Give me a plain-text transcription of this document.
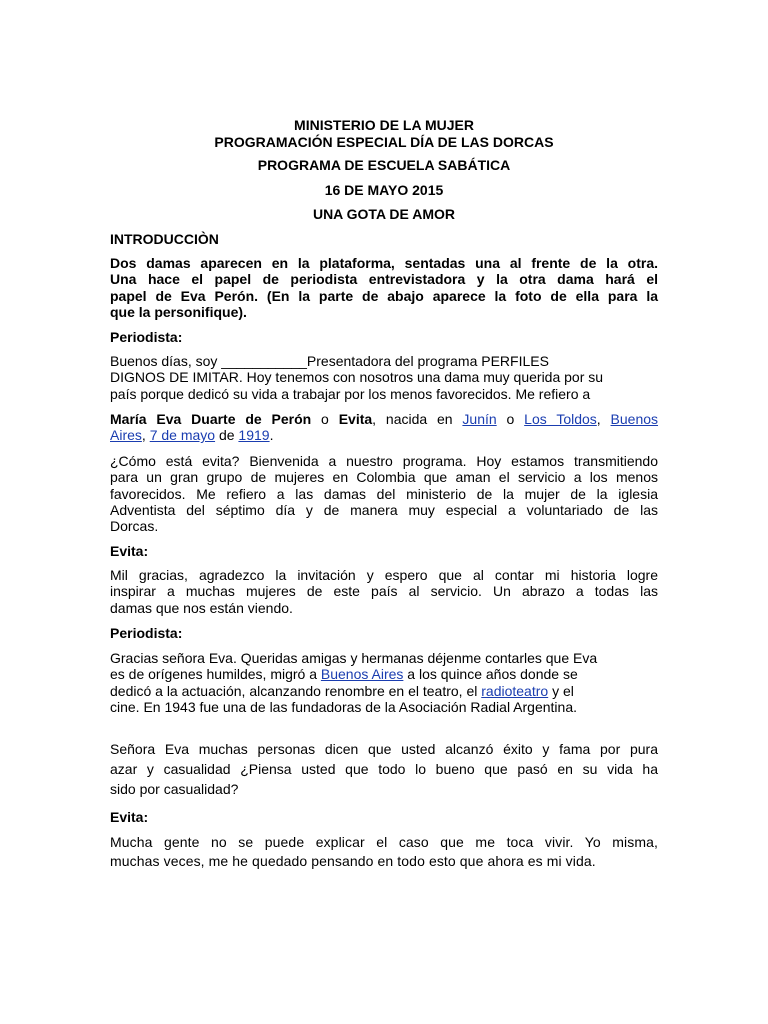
MINISTERIO DE LA MUJER
PROGRAMACIÓN ESPECIAL DÍA DE LAS DORCAS
PROGRAMA DE ESCUELA SABÁTICA
16 DE MAYO 2015
UNA GOTA DE AMOR
INTRODUCCIÒN
Dos damas aparecen en la plataforma, sentadas una al frente de la otra.
Una hace el papel de periodista entrevistadora y la otra dama hará el
papel de Eva Perón. (En la parte de abajo aparece la foto de ella para la
que la personifique).
Periodista:
Buenos días, soy ___________Presentadora del programa PERFILES
DIGNOS DE IMITAR. Hoy tenemos con nosotros una dama muy querida por su
país porque dedicó su vida a trabajar por los menos favorecidos. Me refiero a
María Eva Duarte de Perón o Evita, nacida en Junín o Los Toldos, Buenos
Aires, 7 de mayo de 1919.
¿Cómo está evita? Bienvenida a nuestro programa. Hoy estamos transmitiendo
para un gran grupo de mujeres en Colombia que aman el servicio a los menos
favorecidos. Me refiero a las damas del ministerio de la mujer de la iglesia
Adventista del séptimo día y de manera muy especial a voluntariado de las
Dorcas.
Evita:
Mil gracias, agradezco la invitación y espero que al contar mi historia logre
inspirar a muchas mujeres de este país al servicio. Un abrazo a todas las
damas que nos están viendo.
Periodista:
Gracias señora Eva. Queridas amigas y hermanas déjenme contarles que Eva
es de orígenes humildes, migró a Buenos Aires a los quince años donde se
dedicó a la actuación, alcanzando renombre en el teatro, el radioteatro y el
cine. En 1943 fue una de las fundadoras de la Asociación Radial Argentina.
Señora Eva muchas personas dicen que usted alcanzó éxito y fama por pura
azar y casualidad ¿Piensa usted que todo lo bueno que pasó en su vida ha
sido por casualidad?
Evita:
Mucha gente no se puede explicar el caso que me toca vivir. Yo misma,
muchas veces, me he quedado pensando en todo esto que ahora es mi vida.
